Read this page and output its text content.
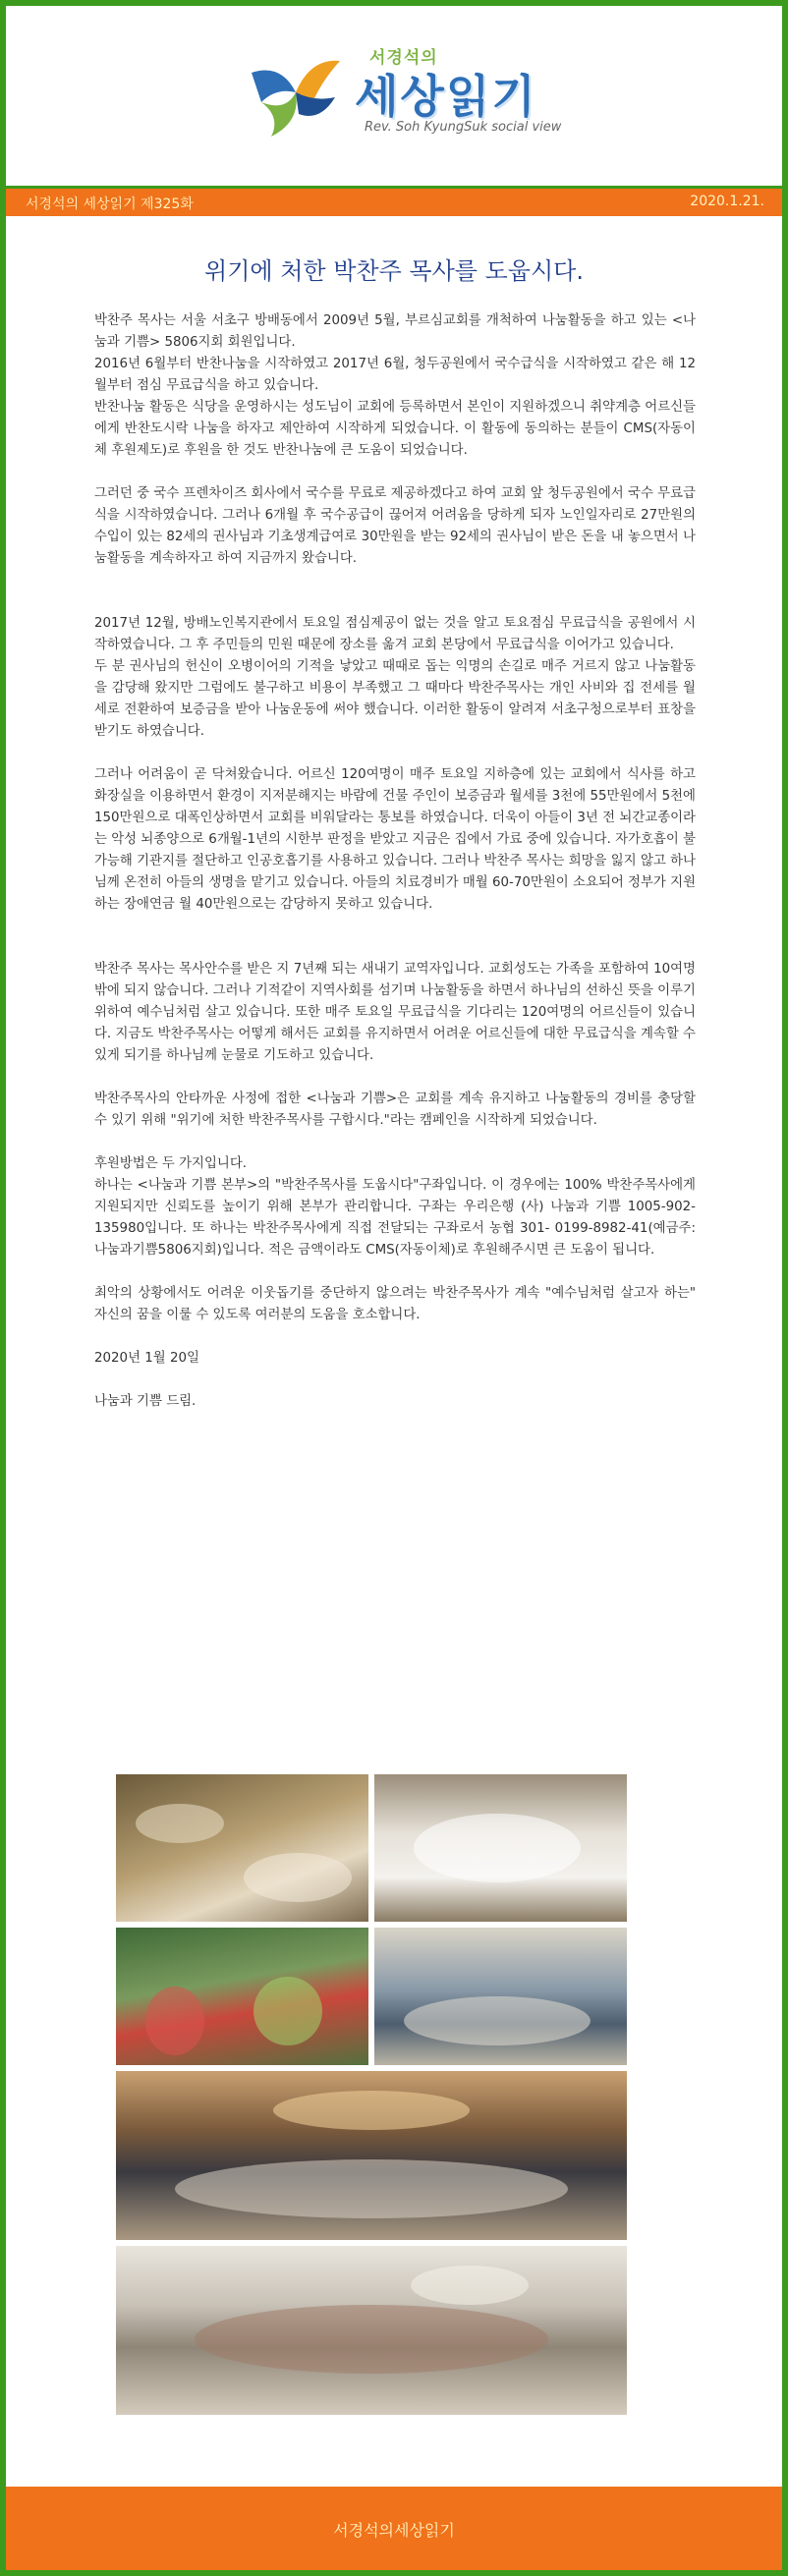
서경석의
세상읽기
Rev. Soh KyungSuk social view
서경석의 세상읽기 제325화	2020.1.21.
위기에 처한 박찬주 목사를 도웁시다.

박찬주 목사는 서울 서초구 방배동에서 2009년 5월, 부르심교회를 개척하여 나눔활동을 하고 있는 <나눔과 기쁨> 5806지회 회원입니다.
2016년 6월부터 반찬나눔을 시작하였고 2017년 6월, 청두공원에서 국수급식을 시작하였고 같은 해 12월부터 점심 무료급식을 하고 있습니다.
반찬나눔 활동은 식당을 운영하시는 성도님이 교회에 등록하면서 본인이 지원하겠으니 취약계층 어르신들에게 반찬도시락 나눔을 하자고 제안하여 시작하게 되었습니다. 이 활동에 동의하는 분들이 CMS(자동이체 후원제도)로 후원을 한 것도 반찬나눔에 큰 도움이 되었습니다.

그러던 중 국수 프렌차이즈 회사에서 국수를 무료로 제공하겠다고 하여 교회 앞 청두공원에서 국수 무료급식을 시작하였습니다. 그러나 6개월 후 국수공급이 끊어져 어려움을 당하게 되자 노인일자리로 27만원의 수입이 있는 82세의 권사님과 기초생계급여로 30만원을 받는 92세의 권사님이 받은 돈을 내 놓으면서 나눔활동을 계속하자고 하여 지금까지 왔습니다.

2017년 12월, 방배노인복지관에서 토요일 점심제공이 없는 것을 알고 토요점심 무료급식을 공원에서 시작하였습니다. 그 후 주민들의 민원 때문에 장소를 옮겨 교회 본당에서 무료급식을 이어가고 있습니다.
두 분 권사님의 헌신이 오병이어의 기적을 낳았고 때때로 돕는 익명의 손길로 매주 거르지 않고 나눔활동을 감당해 왔지만 그럼에도 불구하고 비용이 부족했고 그 때마다 박찬주목사는 개인 사비와 집 전세를 월세로 전환하여 보증금을 받아 나눔운동에 써야 했습니다. 이러한 활동이 알려져 서초구청으로부터 표창을 받기도 하였습니다.

그러나 어려움이 곧 닥쳐왔습니다. 어르신 120여명이 매주 토요일 지하층에 있는 교회에서 식사를 하고 화장실을 이용하면서 환경이 지저분해지는 바람에 건물 주인이 보증금과 월세를 3천에 55만원에서 5천에 150만원으로 대폭인상하면서 교회를 비워달라는 통보를 하였습니다. 더욱이 아들이 3년 전 뇌간교종이라는 악성 뇌종양으로 6개월-1년의 시한부 판정을 받았고 지금은 집에서 가료 중에 있습니다. 자가호흡이 불가능해 기관지를 절단하고 인공호흡기를 사용하고 있습니다. 그러나 박찬주 목사는 희망을 잃지 않고 하나님께 온전히 아들의 생명을 맡기고 있습니다. 아들의 치료경비가 매월 60-70만원이 소요되어 정부가 지원하는 장애연금 월 40만원으로는 감당하지 못하고 있습니다.

박찬주 목사는 목사안수를 받은 지 7년째 되는 새내기 교역자입니다. 교회성도는 가족을 포함하여 10여명 밖에 되지 않습니다. 그러나 기적같이 지역사회를 섬기며 나눔활동을 하면서 하나님의 선하신 뜻을 이루기 위하여 예수님처럼 살고 있습니다. 또한 매주 토요일 무료급식을 기다리는 120여명의 어르신들이 있습니다. 지금도 박찬주목사는 어떻게 해서든 교회를 유지하면서 어려운 어르신들에 대한 무료급식을 계속할 수 있게 되기를 하나님께 눈물로 기도하고 있습니다.

박찬주목사의 안타까운 사정에 접한 <나눔과 기쁨>은 교회를 계속 유지하고 나눔활동의 경비를 충당할 수 있기 위해 "위기에 처한 박찬주목사를 구합시다."라는 캠페인을 시작하게 되었습니다.

후원방법은 두 가지입니다.
하나는 <나눔과 기쁨 본부>의 "박찬주목사를 도웁시다"구좌입니다. 이 경우에는 100% 박찬주목사에게 지원되지만 신뢰도를 높이기 위해 본부가 관리합니다. 구좌는 우리은행 (사) 나눔과 기쁨 1005-902-135980입니다. 또 하나는 박찬주목사에게 직접 전달되는 구좌로서 농협 301- 0199-8982-41(예금주:나눔과기쁨5806지회)입니다. 적은 금액이라도 CMS(자동이체)로 후원해주시면 큰 도움이 됩니다.

최악의 상황에서도 어려운 이웃돕기를 중단하지 않으려는 박찬주목사가 계속 "예수님처럼 살고자 하는" 자신의 꿈을 이룰 수 있도록 여러분의 도움을 호소합니다.

2020년 1월 20일

나눔과 기쁨 드림.

서경석의세상읽기
